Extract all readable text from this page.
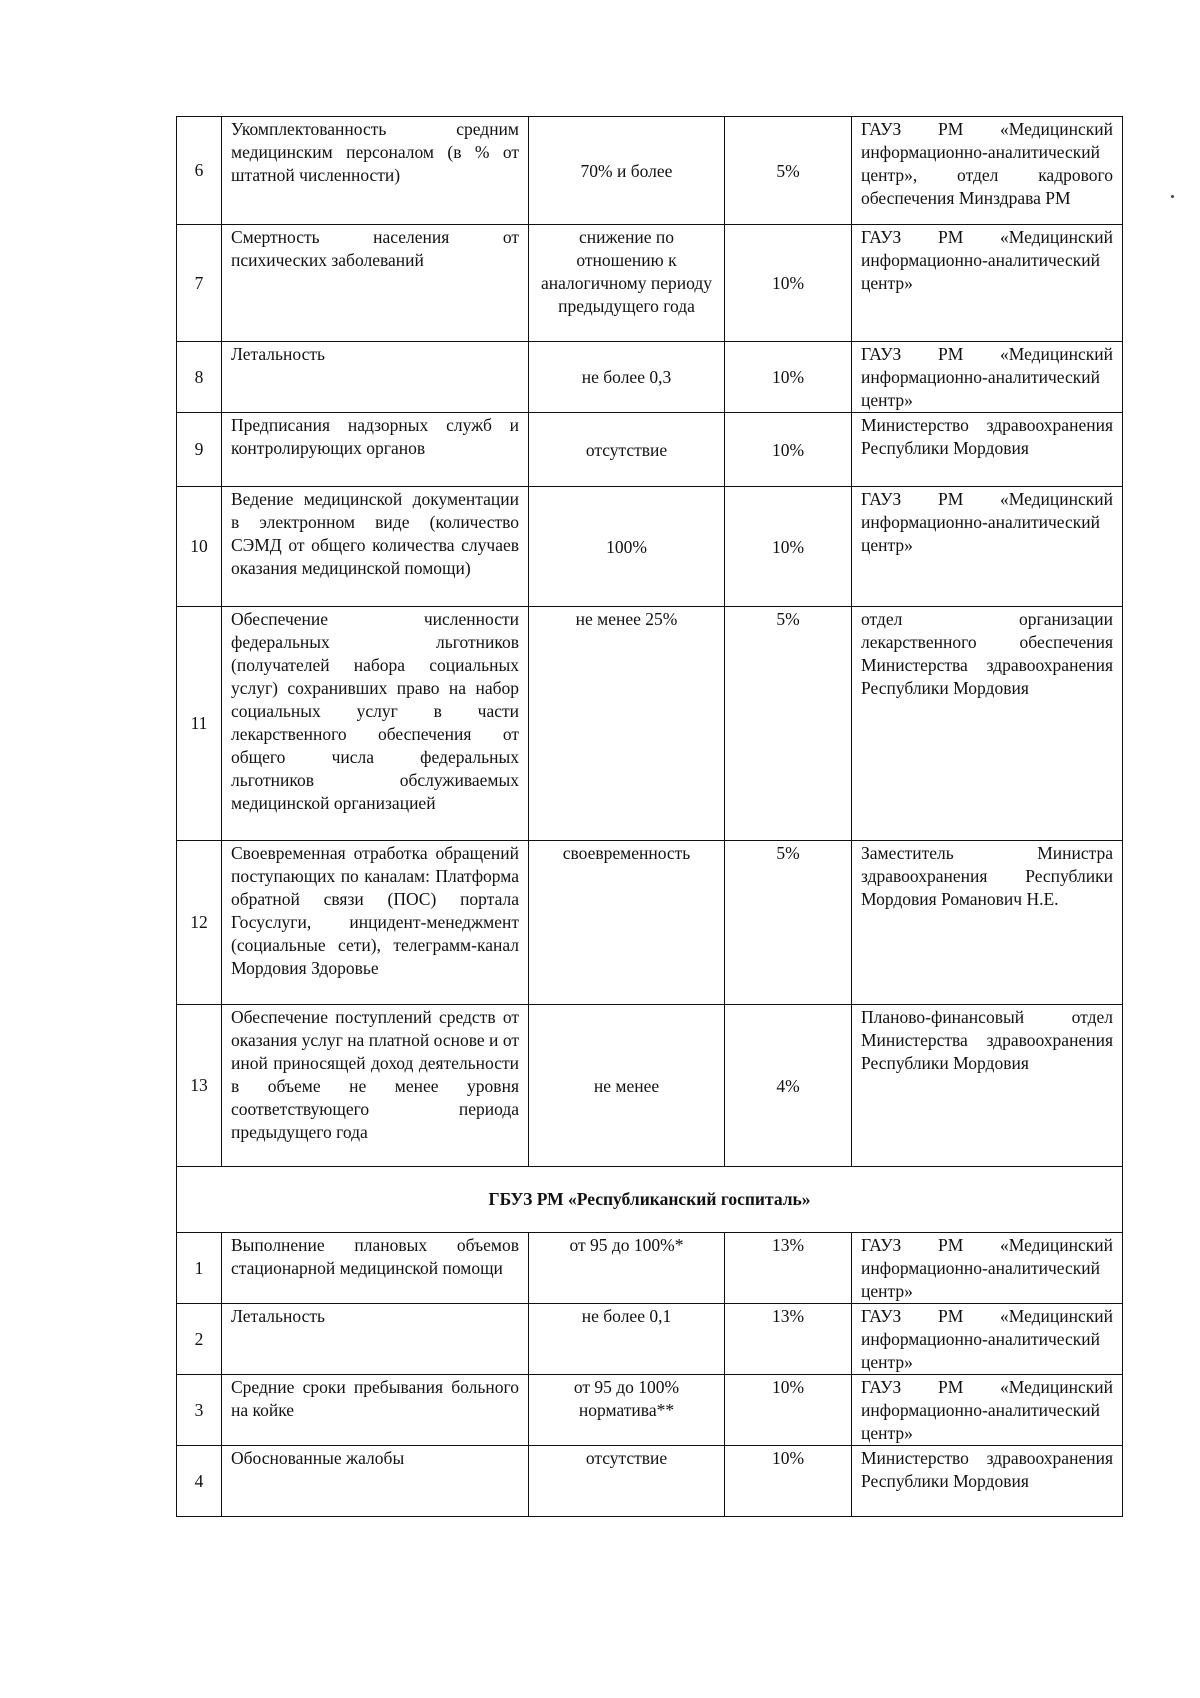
6	Укомплектованность средним медицинским персоналом (в % от штатной численности)	70% и более	5%	ГАУЗ РМ «Медицинский информационно-аналитический центр», отдел кадрового обеспечения Минздрава РМ
7	Смертность населения от психических заболеваний	снижение по отношению к аналогичному периоду предыдущего года	10%	ГАУЗ РМ «Медицинский информационно-аналитический центр»
8	Летальность	не более 0,3	10%	ГАУЗ РМ «Медицинский информационно-аналитический центр»
9	Предписания надзорных служб и контролирующих органов	отсутствие	10%	Министерство здравоохранения Республики Мордовия
10	Ведение медицинской документации в электронном виде (количество СЭМД от общего количества случаев оказания медицинской помощи)	100%	10%	ГАУЗ РМ «Медицинский информационно-аналитический центр»
11	Обеспечение численности федеральных льготников (получателей набора социальных услуг) сохранивших право на набор социальных услуг в части лекарственного обеспечения от общего числа федеральных льготников обслуживаемых медицинской организацией	не менее 25%	5%	отдел организации лекарственного обеспечения Министерства здравоохранения Республики Мордовия
12	Своевременная отработка обращений поступающих по каналам: Платформа обратной связи (ПОС) портала Госуслуги, инцидент-менеджмент (социальные сети), телеграмм-канал Мордовия Здоровье	своевременность	5%	Заместитель Министра здравоохранения Республики Мордовия Романович Н.Е.
13	Обеспечение поступлений средств от оказания услуг на платной основе и от иной приносящей доход деятельности в объеме не менее уровня соответствующего периода предыдущего года	не менее	4%	Планово-финансовый отдел Министерства здравоохранения Республики Мордовия
ГБУЗ РМ «Республиканский госпиталь»				
1	Выполнение плановых объемов стационарной медицинской помощи	от 95 до 100%*	13%	ГАУЗ РМ «Медицинский информационно-аналитический центр»
2	Летальность	не более 0,1	13%	ГАУЗ РМ «Медицинский информационно-аналитический центр»
3	Средние сроки пребывания больного на койке	от 95 до 100% норматива**	10%	ГАУЗ РМ «Медицинский информационно-аналитический центр»
4	Обоснованные жалобы	отсутствие	10%	Министерство здравоохранения Республики Мордовия
